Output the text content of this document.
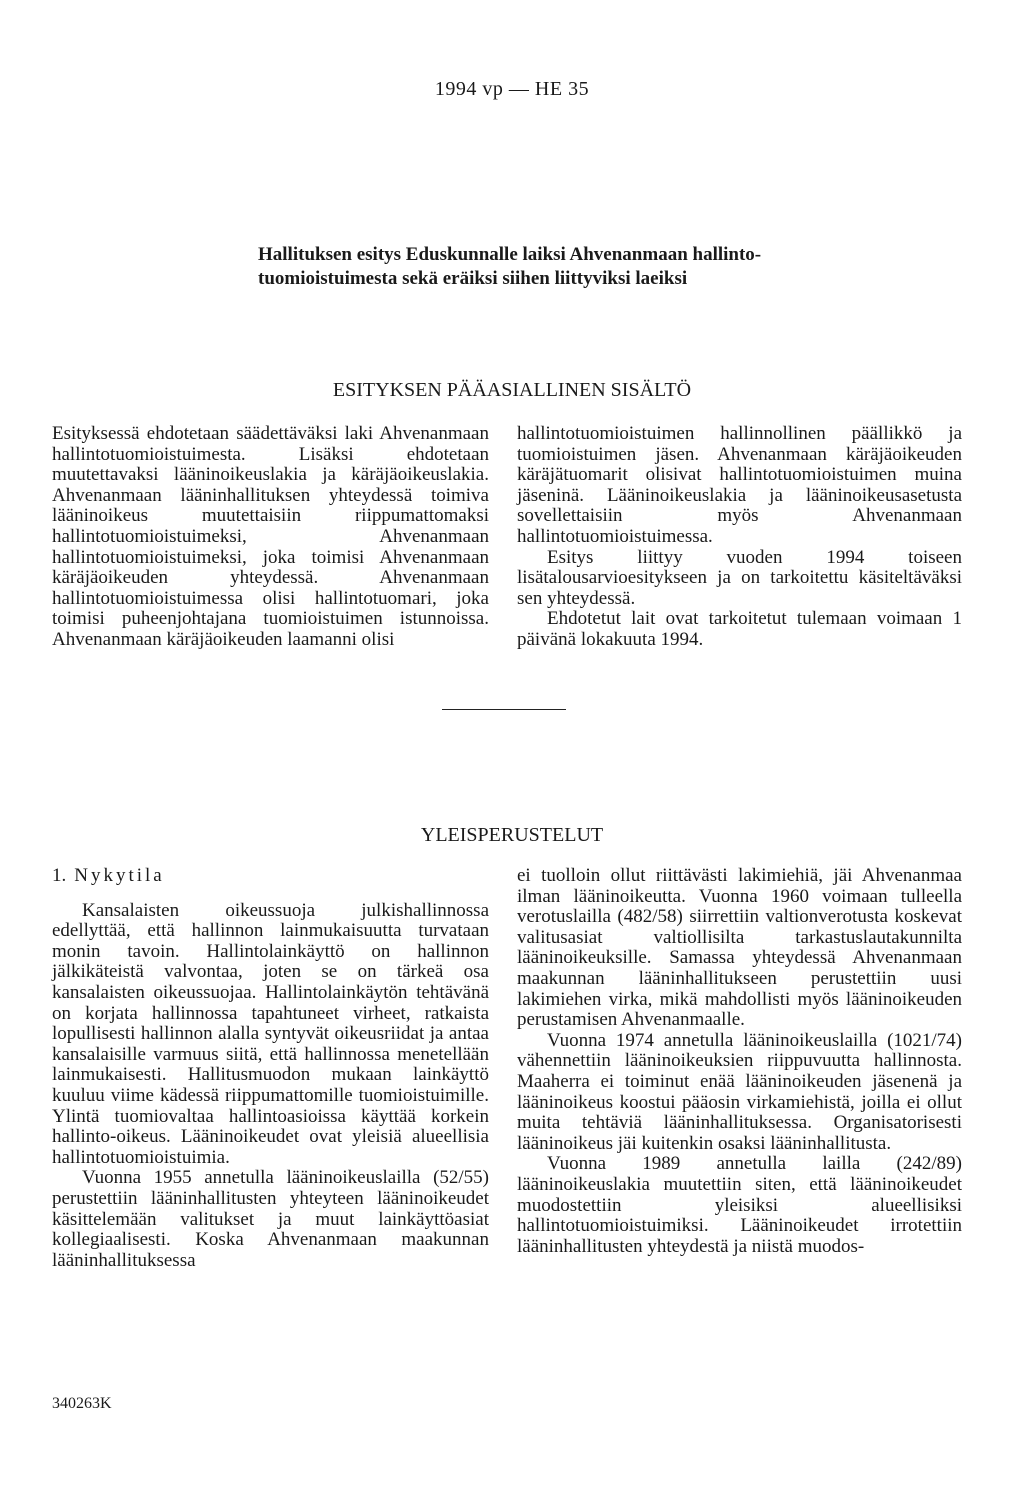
1994 vp — HE 35
Hallituksen esitys Eduskunnalle laiksi Ahvenanmaan hallinto-
tuomioistuimesta sekä eräiksi siihen liittyviksi laeiksi
ESITYKSEN PÄÄASIALLINEN SISÄLTÖ

Esityksessä ehdotetaan säädettäväksi laki Ahvenanmaan hallintotuomioistuimesta. Lisäksi ehdotetaan muutettavaksi lääninoikeuslakia ja käräjäoikeuslakia. Ahvenanmaan lääninhallituksen yhteydessä toimiva lääninoikeus muutettaisiin riippumattomaksi hallintotuomioistuimeksi, Ahvenanmaan hallintotuomioistuimeksi, joka toimisi Ahvenanmaan käräjäoikeuden yhteydessä. Ahvenanmaan hallintotuomioistuimessa olisi hallintotuomari, joka toimisi puheenjohtajana tuomioistuimen istunnoissa. Ahvenanmaan käräjäoikeuden laamanni olisi

hallintotuomioistuimen hallinnollinen päällikkö ja tuomioistuimen jäsen. Ahvenanmaan käräjäoikeuden käräjätuomarit olisivat hallintotuomioistuimen muina jäseninä. Lääninoikeuslakia ja lääninoikeusasetusta sovellettaisiin myös Ahvenanmaan hallintotuomioistuimessa.

Esitys liittyy vuoden 1994 toiseen lisätalousarvioesitykseen ja on tarkoitettu käsiteltäväksi sen yhteydessä.

Ehdotetut lait ovat tarkoitetut tulemaan voimaan 1 päivänä lokakuuta 1994.

YLEISPERUSTELUT
1. Nykytila

Kansalaisten oikeussuoja julkishallinnossa edellyttää, että hallinnon lainmukaisuutta turvataan monin tavoin. Hallintolainkäyttö on hallinnon jälkikäteistä valvontaa, joten se on tärkeä osa kansalaisten oikeussuojaa. Hallintolainkäytön tehtävänä on korjata hallinnossa tapahtuneet virheet, ratkaista lopullisesti hallinnon alalla syntyvät oikeusriidat ja antaa kansalaisille varmuus siitä, että hallinnossa menetellään lainmukaisesti. Hallitusmuodon mukaan lainkäyttö kuuluu viime kädessä riippumattomille tuomioistuimille. Ylintä tuomiovaltaa hallintoasioissa käyttää korkein hallinto-oikeus. Lääninoikeudet ovat yleisiä alueellisia hallintotuomioistuimia.

Vuonna 1955 annetulla lääninoikeuslailla (52/55) perustettiin lääninhallitusten yhteyteen lääninoikeudet käsittelemään valitukset ja muut lainkäyttöasiat kollegiaalisesti. Koska Ahvenanmaan maakunnan lääninhallituksessa

ei tuolloin ollut riittävästi lakimiehiä, jäi Ahvenanmaa ilman lääninoikeutta. Vuonna 1960 voimaan tulleella verotuslailla (482/58) siirrettiin valtionverotusta koskevat valitusasiat valtiollisilta tarkastuslautakunnilta lääninoikeuksille. Samassa yhteydessä Ahvenanmaan maakunnan lääninhallitukseen perustettiin uusi lakimiehen virka, mikä mahdollisti myös lääninoikeuden perustamisen Ahvenanmaalle.

Vuonna 1974 annetulla lääninoikeuslailla (1021/74) vähennettiin lääninoikeuksien riippuvuutta hallinnosta. Maaherra ei toiminut enää lääninoikeuden jäsenenä ja lääninoikeus koostui pääosin virkamiehistä, joilla ei ollut muita tehtäviä lääninhallituksessa. Organisatorisesti lääninoikeus jäi kuitenkin osaksi lääninhallitusta.

Vuonna 1989 annetulla laillа (242/89) lääninoikeuslakia muutettiin siten, että lääninoikeudet muodostettiin yleisiksi alueellisiksi hallintotuomioistuimiksi. Lääninoikeudet irrotettiin lääninhallitusten yhteydestä ja niistä muodos-

340263K
